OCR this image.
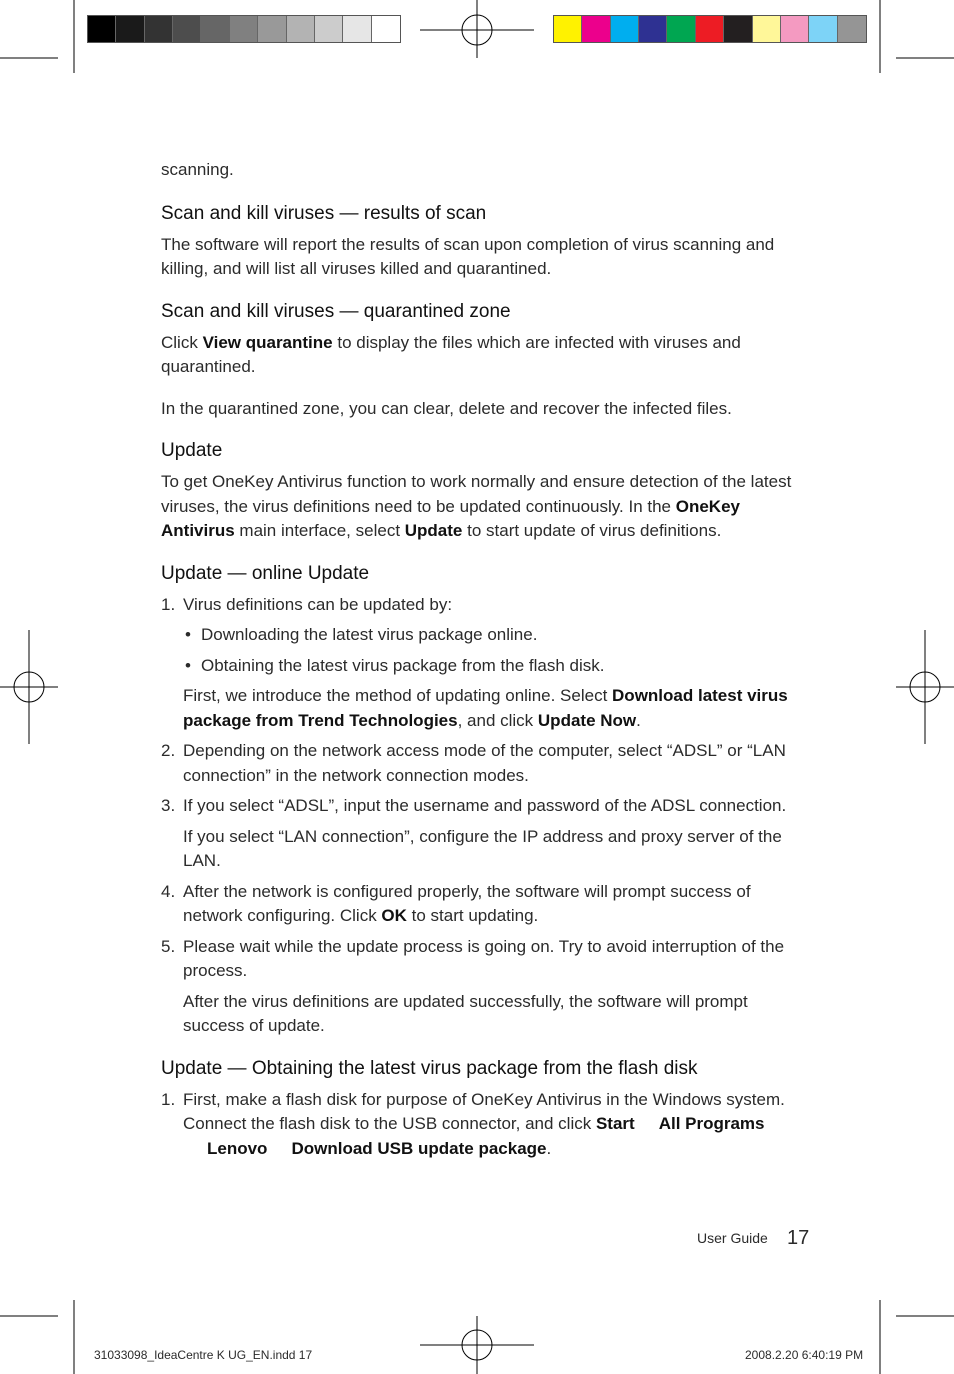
scanning.

Scan and kill viruses — results of scan

The software will report the results of scan upon completion of virus scanning and killing, and will list all viruses killed and quarantined.

Scan and kill viruses — quarantined zone

Click View quarantine to display the files which are infected with viruses and quarantined.

In the quarantined zone, you can clear, delete and recover the infected files.

Update

To get OneKey Antivirus function to work normally and ensure detection of the latest viruses, the virus definitions need to be updated continuously. In the OneKey Antivirus main interface, select Update to start update of virus definitions.

Update — online Update
1. Virus definitions can be updated by:
• Downloading the latest virus package online.
• Obtaining the latest virus package from the flash disk.
First, we introduce the method of updating online. Select Download latest virus package from Trend Technologies, and click Update Now.
2. Depending on the network access mode of the computer, select “ADSL” or “LAN connection” in the network connection modes.
3. If you select “ADSL”, input the username and password of the ADSL connection.
If you select “LAN connection”, configure the IP address and proxy server of the LAN.
4. After the network is configured properly, the software will prompt success of network configuring. Click OK to start updating.
5. Please wait while the update process is going on. Try to avoid interruption of the process.
After the virus definitions are updated successfully, the software will prompt success of update.
Update — Obtaining the latest virus package from the flash disk
1. First, make a flash disk for purpose of OneKey Antivirus in the Windows system. Connect the flash disk to the USB connector, and click Start All Programs
Lenovo Download USB update package.
User Guide 17
31033098_IdeaCentre K UG_EN.indd 17	2008.2.20 6:40:19 PM
